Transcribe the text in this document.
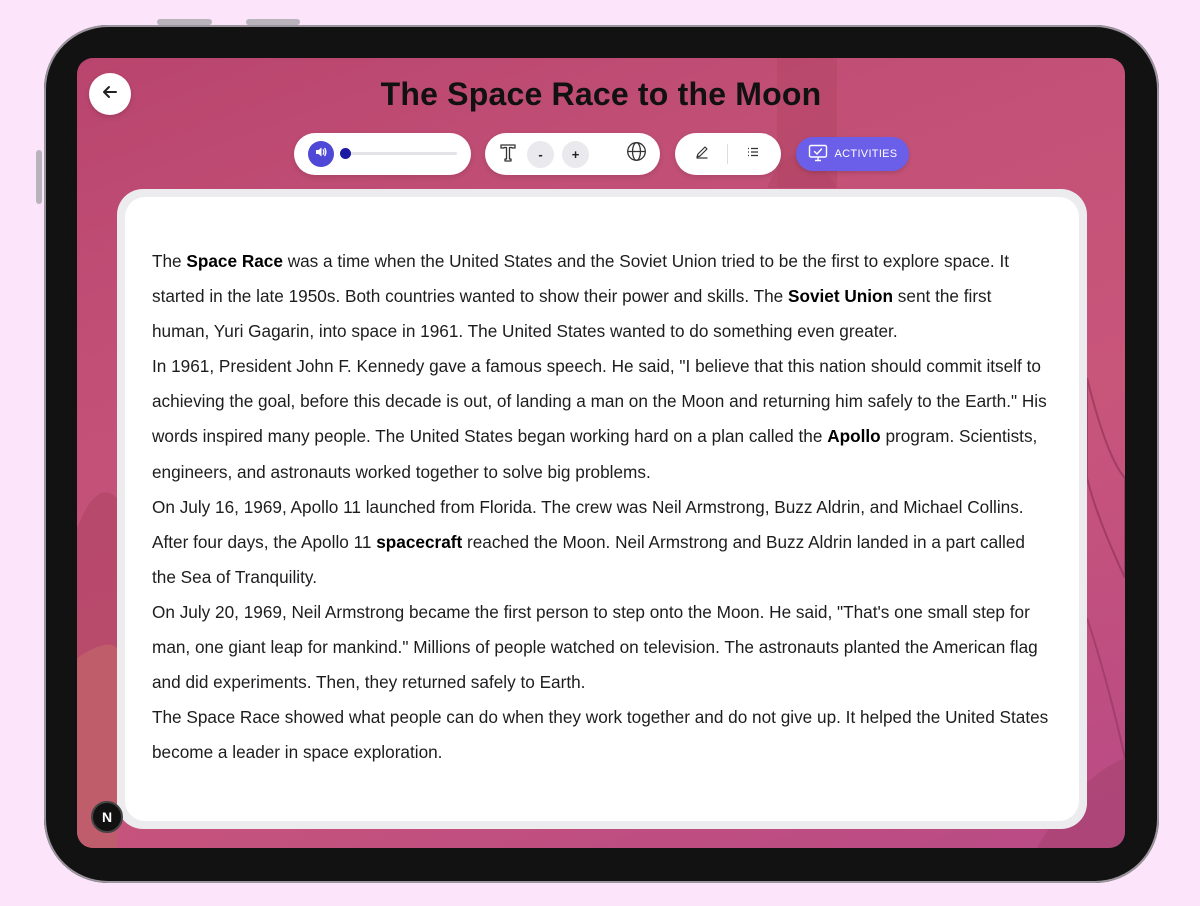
The Space Race to the Moon
-	+	ACTIVITIES

The Space Race was a time when the United States and the Soviet Union tried to be the first to explore space. It started in the late 1950s. Both countries wanted to show their power and skills. The Soviet Union sent the first human, Yuri Gagarin, into space in 1961. The United States wanted to do something even greater.

In 1961, President John F. Kennedy gave a famous speech. He said, "I believe that this nation should commit itself to achieving the goal, before this decade is out, of landing a man on the Moon and returning him safely to the Earth." His words inspired many people. The United States began working hard on a plan called the Apollo program. Scientists, engineers, and astronauts worked together to solve big problems.

On July 16, 1969, Apollo 11 launched from Florida. The crew was Neil Armstrong, Buzz Aldrin, and Michael Collins. After four days, the Apollo 11 spacecraft reached the Moon. Neil Armstrong and Buzz Aldrin landed in a part called the Sea of Tranquility.

On July 20, 1969, Neil Armstrong became the first person to step onto the Moon. He said, "That's one small step for man, one giant leap for mankind." Millions of people watched on television. The astronauts planted the American flag and did experiments. Then, they returned safely to Earth.

The Space Race showed what people can do when they work together and do not give up. It helped the United States become a leader in space exploration.

N
